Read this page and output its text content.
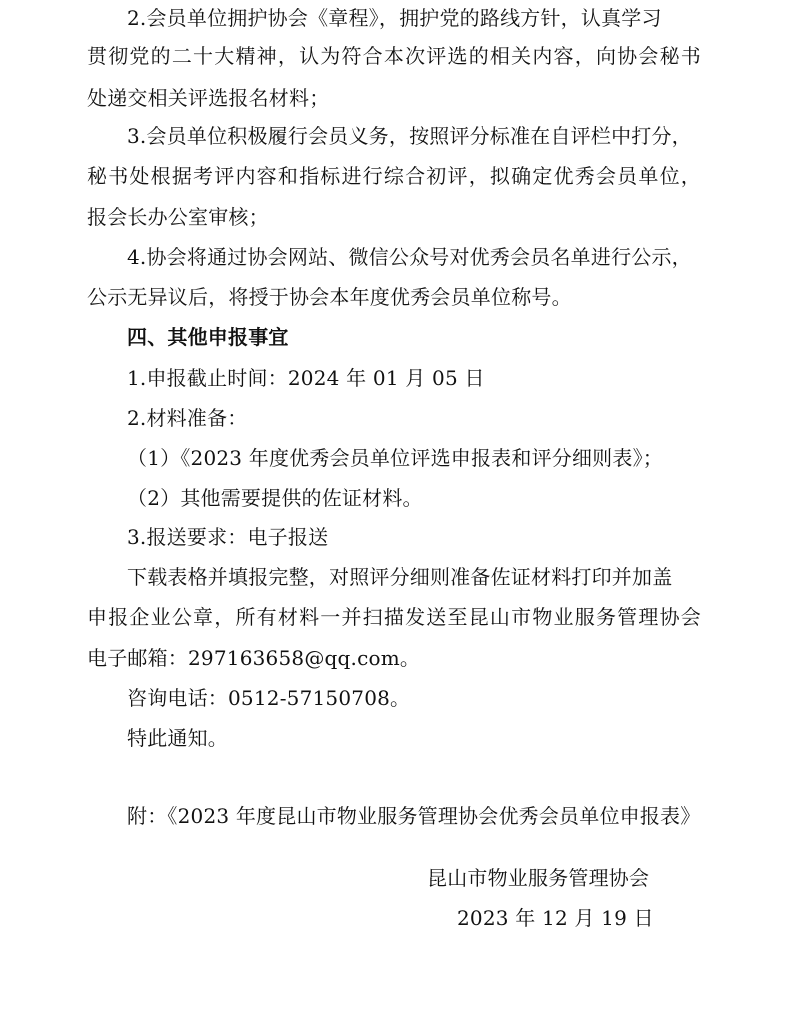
2.会员单位拥护协会《章程》，拥护党的路线方针，认真学习
贯彻党的二十大精神，认为符合本次评选的相关内容，向协会秘书
处递交相关评选报名材料；
3.会员单位积极履行会员义务，按照评分标准在自评栏中打分，
秘书处根据考评内容和指标进行综合初评，拟确定优秀会员单位，
报会长办公室审核；
4.协会将通过协会网站、微信公众号对优秀会员名单进行公示，
公示无异议后，将授于协会本年度优秀会员单位称号。
四、其他申报事宜
1.申报截止时间：2024 年 01 月 05 日
2.材料准备：
（1）《2023 年度优秀会员单位评选申报表和评分细则表》；
（2）其他需要提供的佐证材料。
3.报送要求：电子报送
下载表格并填报完整，对照评分细则准备佐证材料打印并加盖
申报企业公章，所有材料一并扫描发送至昆山市物业服务管理协会
电子邮箱：297163658@qq.com。
咨询电话：0512-57150708。
特此通知。
附：《2023 年度昆山市物业服务管理协会优秀会员单位申报表》
昆山市物业服务管理协会
2023 年 12 月 19 日
